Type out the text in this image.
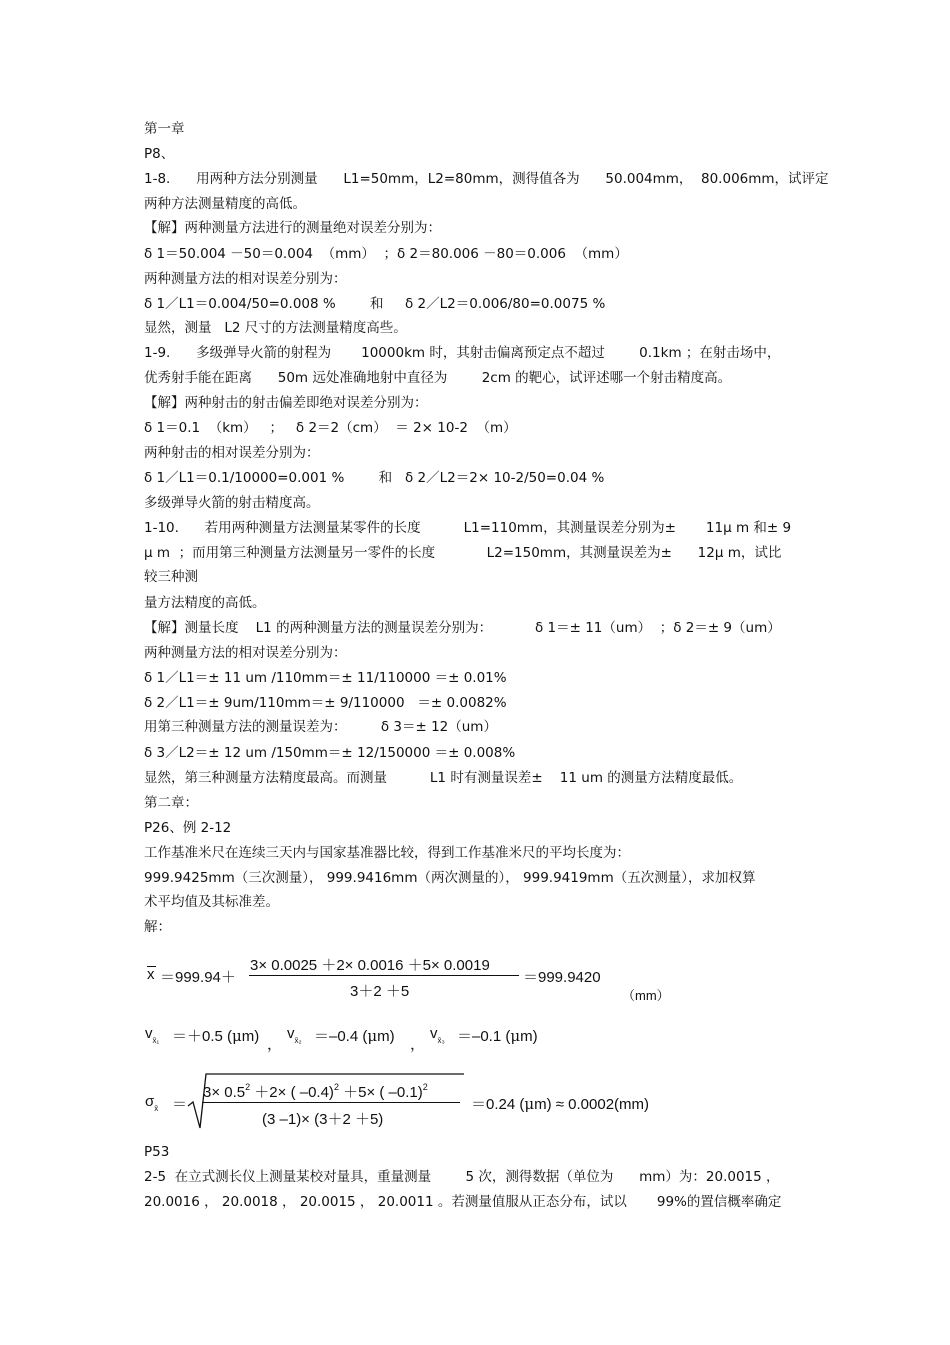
第一章
P8、
1-8.      用两种方法分别测量      L1=50mm，L2=80mm，测得值各为      50.004mm，  80.006mm，试评定
两种方法测量精度的高低。
【解】两种测量方法进行的测量绝对误差分别为：
δ 1＝50.004 －50＝0.004  （mm）  ；δ 2＝80.006 －80＝0.006  （mm）
两种测量方法的相对误差分别为：
δ 1／L1＝0.004/50=0.008 %        和     δ 2／L2＝0.006/80=0.0075 %
显然，测量   L2 尺寸的方法测量精度高些。
1-9.      多级弹导火箭的射程为       10000km 时，其射击偏离预定点不超过        0.1km ；在射击场中，
优秀射手能在距离      50m 远处准确地射中直径为        2cm 的靶心，试评述哪一个射击精度高。
【解】两种射击的射击偏差即绝对误差分别为：
δ 1＝0.1  （km）   ；   δ 2＝2（cm）  ＝ 2× 10-2  （m）
两种射击的相对误差分别为：
δ 1／L1＝0.1/10000=0.001 %        和   δ 2／L2＝2× 10-2/50=0.04 %
多级弹导火箭的射击精度高。
1-10.      若用两种测量方法测量某零件的长度          L1=110mm，其测量误差分别为±       11μ m 和± 9
μ m  ；而用第三种测量方法测量另一零件的长度            L2=150mm，其测量误差为±      12μ m，试比
较三种测
量方法精度的高低。
【解】测量长度    L1 的两种测量方法的测量误差分别为：          δ 1＝± 11（um）  ；δ 2＝± 9（um）
两种测量方法的相对误差分别为：
δ 1／L1＝± 11 um /110mm＝± 11/110000 ＝± 0.01%
δ 2／L1＝± 9um/110mm＝± 9/110000   ＝± 0.0082%
用第三种测量方法的测量误差为：        δ 3＝± 12（um）
δ 3／L2＝± 12 um /150mm＝± 12/150000 ＝± 0.008%
显然，第三种测量方法精度最高。而测量          L1 时有测量误差±    11 um 的测量方法精度最低。
第二章：
P26、例 2-12
工作基准米尺在连续三天内与国家基准器比较，得到工作基准米尺的平均长度为：
999.9425mm（三次测量）， 999.9416mm（两次测量的）， 999.9419mm（五次测量），求加权算
术平均值及其标准差。
解：
P53
2-5  在立式测长仪上测量某校对量具，重量测量        5 次，测得数据（单位为      mm）为：20.0015 ，
20.0016 ， 20.0018 ， 20.0015 ， 20.0011 。若测量值服从正态分布，试以       99%的置信概率确定
x ＝999.94＋
3× 0.0025 ＋2× 0.0016 ＋5× 0.0019
3＋2 ＋5
＝999.9420
（mm）
$v_{x̄_1} =+0.5$ (μm) ，
$v_{x̄_2} =-0.4$ (μm) ，
$v_{x̄_3} =-0.1$ (μm)
$\sigma_{x̄}$ ＝
$3\times 0.5^2 +2\times$ ( –0.4)$^2$ ＋5× ( –0.1)$^2$
(3 –1)× (3＋2 ＋5)
＝0.24 (μm) ≈ 0.0002(mm)
